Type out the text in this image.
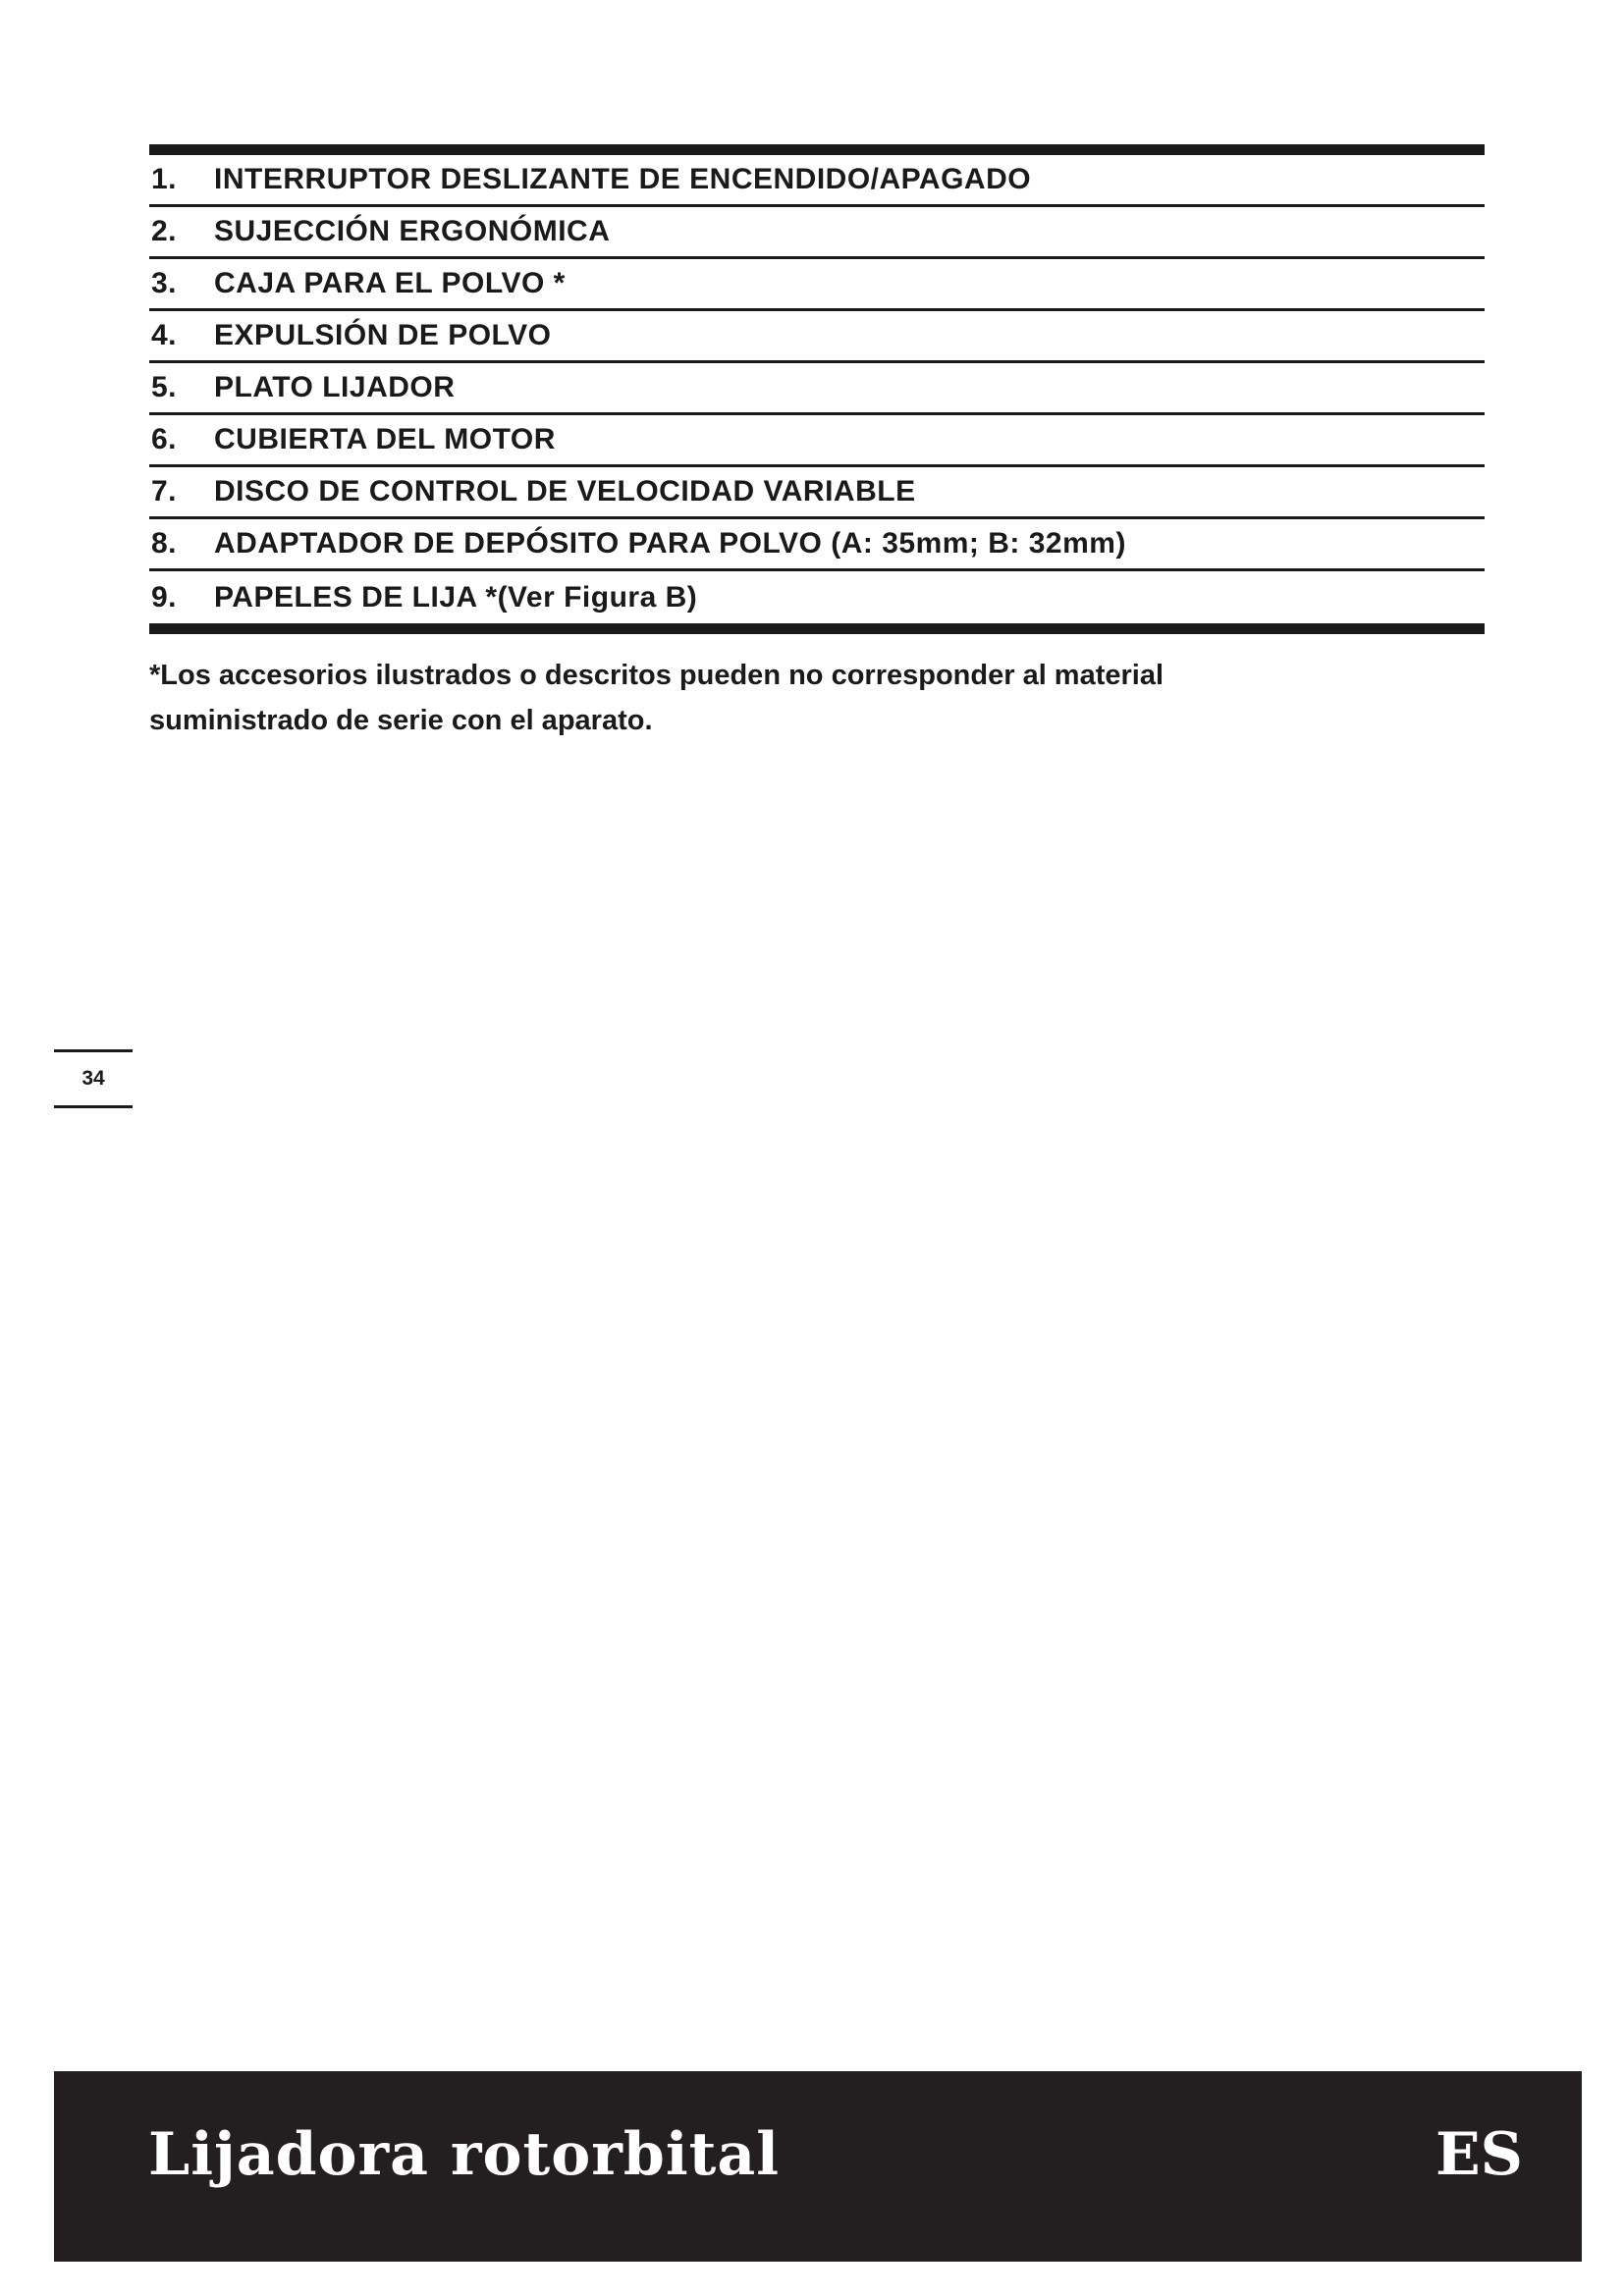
1.	INTERRUPTOR DESLIZANTE DE ENCENDIDO/APAGADO
2.	SUJECCIÓN ERGONÓMICA
3.	CAJA PARA EL POLVO *
4.	EXPULSIÓN DE POLVO
5.	PLATO LIJADOR
6.	CUBIERTA DEL MOTOR
7.	DISCO DE CONTROL DE VELOCIDAD VARIABLE
8.	ADAPTADOR DE DEPÓSITO PARA POLVO (A: 35mm; B: 32mm)
9.	PAPELES DE LIJA *(Ver Figura B)

*Los accesorios ilustrados o descritos pueden no corresponder al material
suministrado de serie con el aparato.

34
Lijadora rotorbital	ES
